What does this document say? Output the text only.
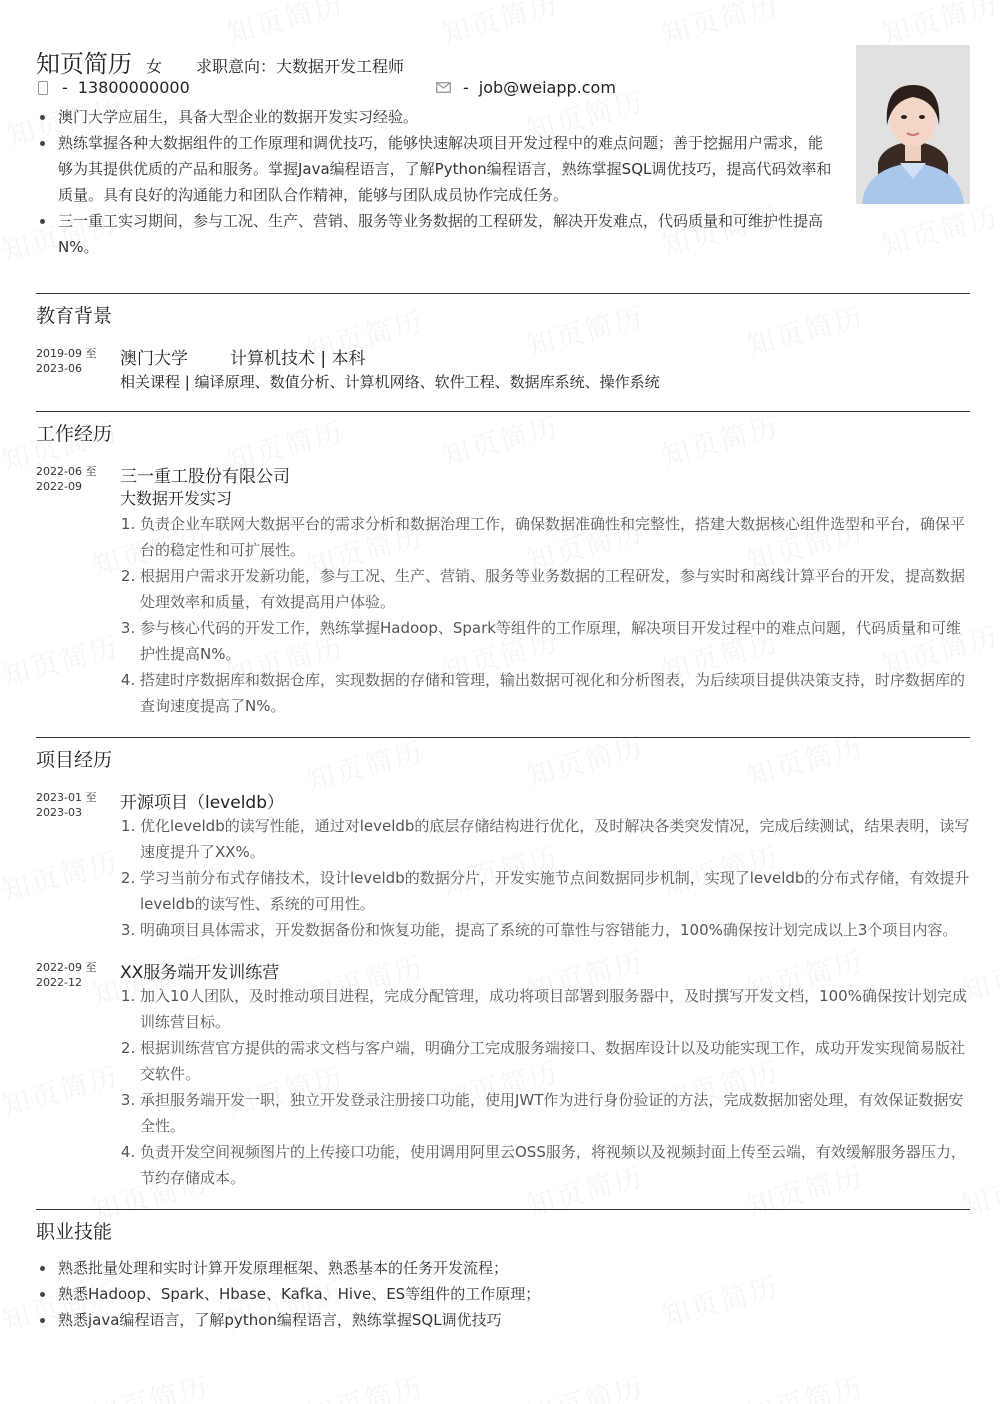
知页简历 女 求职意向：大数据开发工程师
- 13800000000	- job@weiapp.com
澳门大学应届生，具备大型企业的数据开发实习经验。
熟练掌握各种大数据组件的工作原理和调优技巧，能够快速解决项目开发过程中的难点问题；善于挖掘用户需求，能够为其提供优质的产品和服务。掌握Java编程语言，了解Python编程语言，熟练掌握SQL调优技巧，提高代码效率和质量。具有良好的沟通能力和团队合作精神，能够与团队成员协作完成任务。
三一重工实习期间，参与工况、生产、营销、服务等业务数据的工程研发，解决开发难点，代码质量和可维护性提高N%。
教育背景
2019-09 至
2023-06	澳门大学 计算机技术 | 本科
相关课程 | 编译原理、数值分析、计算机网络、软件工程、数据库系统、操作系统
工作经历
2022-06 至
2022-09	三一重工股份有限公司
大数据开发实习
1. 负责企业车联网大数据平台的需求分析和数据治理工作，确保数据准确性和完整性，搭建大数据核心组件选型和平台，确保平台的稳定性和可扩展性。
2. 根据用户需求开发新功能，参与工况、生产、营销、服务等业务数据的工程研发，参与实时和离线计算平台的开发，提高数据处理效率和质量，有效提高用户体验。
3. 参与核心代码的开发工作，熟练掌握Hadoop、Spark等组件的工作原理，解决项目开发过程中的难点问题，代码质量和可维护性提高N%。
4. 搭建时序数据库和数据仓库，实现数据的存储和管理，输出数据可视化和分析图表，为后续项目提供决策支持，时序数据库的查询速度提高了N%。
项目经历
2023-01 至
2023-03	开源项目（leveldb）
1. 优化leveldb的读写性能，通过对leveldb的底层存储结构进行优化，及时解决各类突发情况，完成后续测试，结果表明，读写速度提升了XX%。
2. 学习当前分布式存储技术，设计leveldb的数据分片，开发实施节点间数据同步机制，实现了leveldb的分布式存储，有效提升leveldb的读写性、系统的可用性。
3. 明确项目具体需求，开发数据备份和恢复功能，提高了系统的可靠性与容错能力，100%确保按计划完成以上3个项目内容。
2022-09 至
2022-12	XX服务端开发训练营
1. 加入10人团队，及时推动项目进程，完成分配管理，成功将项目部署到服务器中，及时撰写开发文档，100%确保按计划完成训练营目标。
2. 根据训练营官方提供的需求文档与客户端，明确分工完成服务端接口、数据库设计以及功能实现工作，成功开发实现简易版社交软件。
3. 承担服务端开发一职，独立开发登录注册接口功能，使用JWT作为进行身份验证的方法，完成数据加密处理，有效保证数据安全性。
4. 负责开发空间视频图片的上传接口功能，使用调用阿里云OSS服务，将视频以及视频封面上传至云端，有效缓解服务器压力，节约存储成本。
职业技能
熟悉批量处理和实时计算开发原理框架、熟悉基本的任务开发流程；
熟悉Hadoop、Spark、Hbase、Kafka、Hive、ES等组件的工作原理；
熟悉java编程语言，了解python编程语言，熟练掌握SQL调优技巧
